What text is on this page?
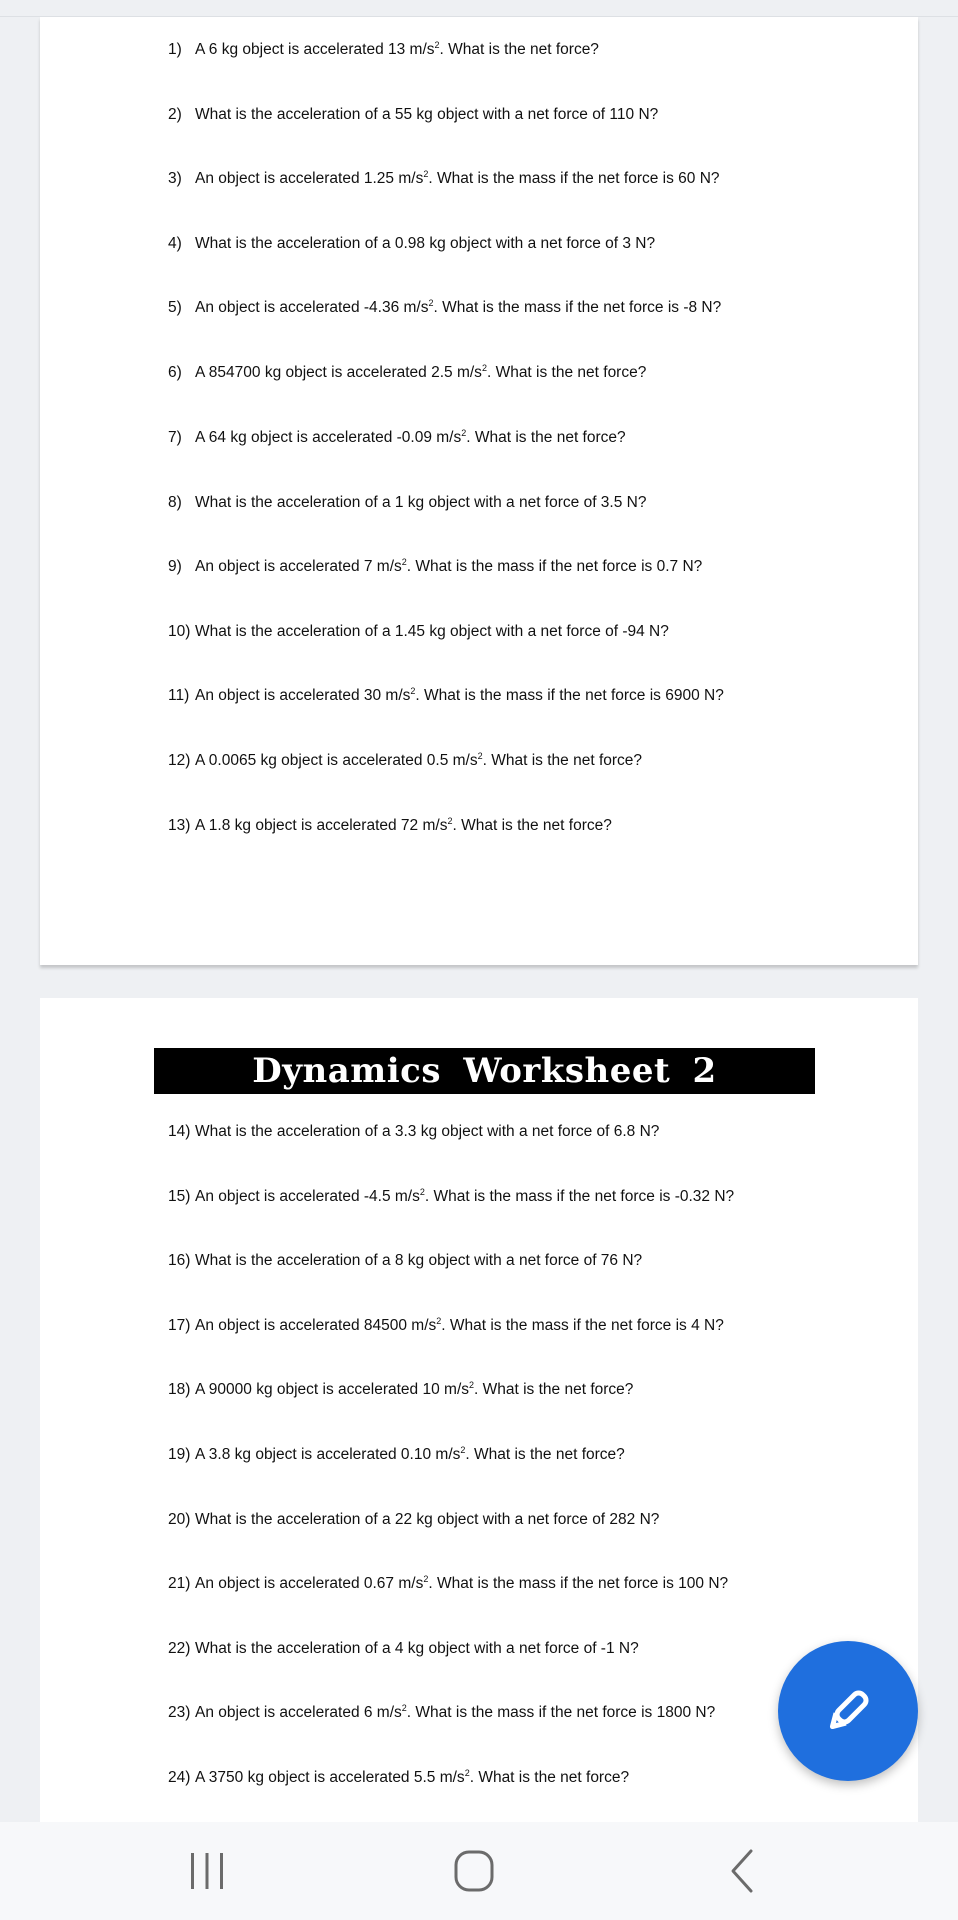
1) A 6 kg object is accelerated 13 $m/s^2$. What is the net force?
2) What is the acceleration of a 55 kg object with a net force of 110 N?
3) An object is accelerated 1.25 $m/s^2$. What is the mass if the net force is 60 N?
4) What is the acceleration of a 0.98 kg object with a net force of 3 N?
5) An object is accelerated -4.36 $m/s^2$. What is the mass if the net force is -8 N?
6) A 854700 kg object is accelerated 2.5 $m/s^2$. What is the net force?
7) A 64 kg object is accelerated -0.09 $m/s^2$. What is the net force?
8) What is the acceleration of a 1 kg object with a net force of 3.5 N?
9) An object is accelerated 7 $m/s^2$. What is the mass if the net force is 0.7 N?
10) What is the acceleration of a 1.45 kg object with a net force of -94 N?
11) An object is accelerated 30 $m/s^2$. What is the mass if the net force is 6900 N?
12) A 0.0065 kg object is accelerated 0.5 $m/s^2$. What is the net force?
13) A 1.8 kg object is accelerated 72 $m/s^2$. What is the net force?
Dynamics Worksheet 2
14) What is the acceleration of a 3.3 kg object with a net force of 6.8 N?
15) An object is accelerated -4.5 $m/s^2$. What is the mass if the net force is -0.32 N?
16) What is the acceleration of a 8 kg object with a net force of 76 N?
17) An object is accelerated 84500 $m/s^2$. What is the mass if the net force is 4 N?
18) A 90000 kg object is accelerated 10 $m/s^2$. What is the net force?
19) A 3.8 kg object is accelerated 0.10 $m/s^2$. What is the net force?
20) What is the acceleration of a 22 kg object with a net force of 282 N?
21) An object is accelerated 0.67 $m/s^2$. What is the mass if the net force is 100 N?
22) What is the acceleration of a 4 kg object with a net force of -1 N?
23) An object is accelerated 6 $m/s^2$. What is the mass if the net force is 1800 N?
24) A 3750 kg object is accelerated 5.5 $m/s^2$. What is the net force?
